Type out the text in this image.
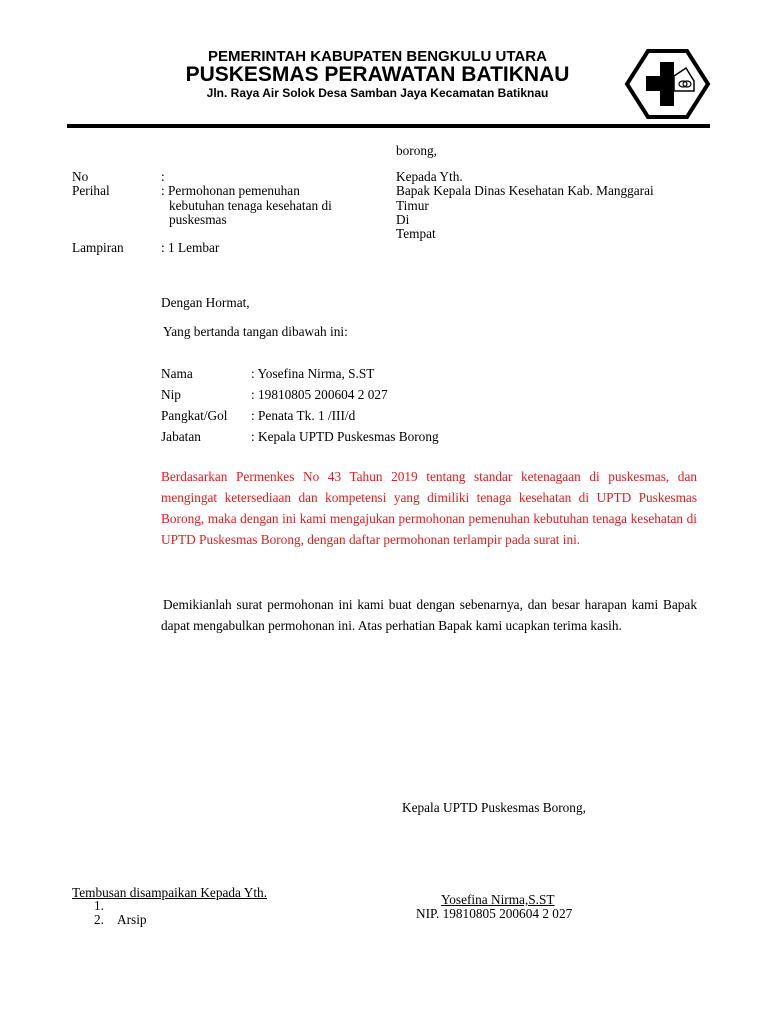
PEMERINTAH KABUPATEN BENGKULU UTARA
PUSKESMAS PERAWATAN BATIKNAU
Jln. Raya Air Solok Desa Samban Jaya Kecamatan Batiknau
borong,
No	:
Perihal	: Permohonan pemenuhan
kebutuhan tenaga kesehatan di
puskesmas
Lampiran	: 1 Lembar
Kepada Yth.
Bapak Kepala Dinas Kesehatan Kab. Manggarai
Timur
Di
Tempat
Dengan Hormat,
Yang bertanda tangan dibawah ini:
Nama	: Yosefina Nirma, S.ST
Nip	: 19810805 200604 2 027
Pangkat/Gol : Penata Tk. 1 /III/d
Jabatan	: Kepala UPTD Puskesmas Borong
Berdasarkan Permenkes No 43 Tahun 2019 tentang standar ketenagaan di puskesmas, dan mengingat ketersediaan dan kompetensi yang dimiliki tenaga kesehatan di UPTD Puskesmas Borong, maka dengan ini kami mengajukan permohonan pemenuhan kebutuhan tenaga kesehatan di UPTD Puskesmas Borong, dengan daftar permohonan terlampir pada surat ini.
Demikianlah surat permohonan ini kami buat dengan sebenarnya, dan besar harapan kami Bapak dapat mengabulkan permohonan ini. Atas perhatian Bapak kami ucapkan terima kasih.
Kepala UPTD Puskesmas Borong,
Yosefina Nirma,S.ST
NIP. 19810805 200604 2 027
Tembusan disampaikan Kepada Yth.
1.
2. Arsip
